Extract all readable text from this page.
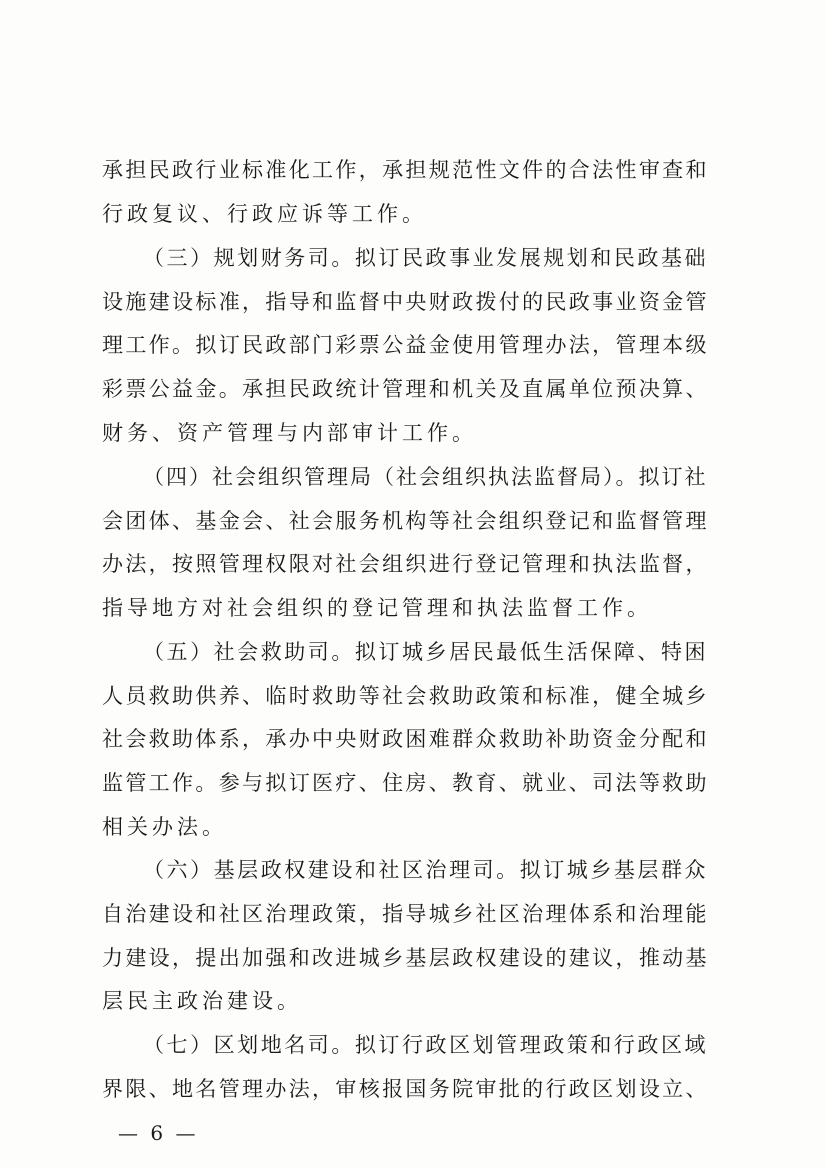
承担民政行业标准化工作，承担规范性文件的合法性审查和
行政复议、行政应诉等工作。
（三）规划财务司。拟订民政事业发展规划和民政基础
设施建设标准，指导和监督中央财政拨付的民政事业资金管
理工作。拟订民政部门彩票公益金使用管理办法，管理本级
彩票公益金。承担民政统计管理和机关及直属单位预决算、
财务、资产管理与内部审计工作。
（四）社会组织管理局（社会组织执法监督局）。拟订社
会团体、基金会、社会服务机构等社会组织登记和监督管理
办法，按照管理权限对社会组织进行登记管理和执法监督，
指导地方对社会组织的登记管理和执法监督工作。
（五）社会救助司。拟订城乡居民最低生活保障、特困
人员救助供养、临时救助等社会救助政策和标准，健全城乡
社会救助体系，承办中央财政困难群众救助补助资金分配和
监管工作。参与拟订医疗、住房、教育、就业、司法等救助
相关办法。
（六）基层政权建设和社区治理司。拟订城乡基层群众
自治建设和社区治理政策，指导城乡社区治理体系和治理能
力建设，提出加强和改进城乡基层政权建设的建议，推动基
层民主政治建设。
（七）区划地名司。拟订行政区划管理政策和行政区域
界限、地名管理办法，审核报国务院审批的行政区划设立、
— 6 —
